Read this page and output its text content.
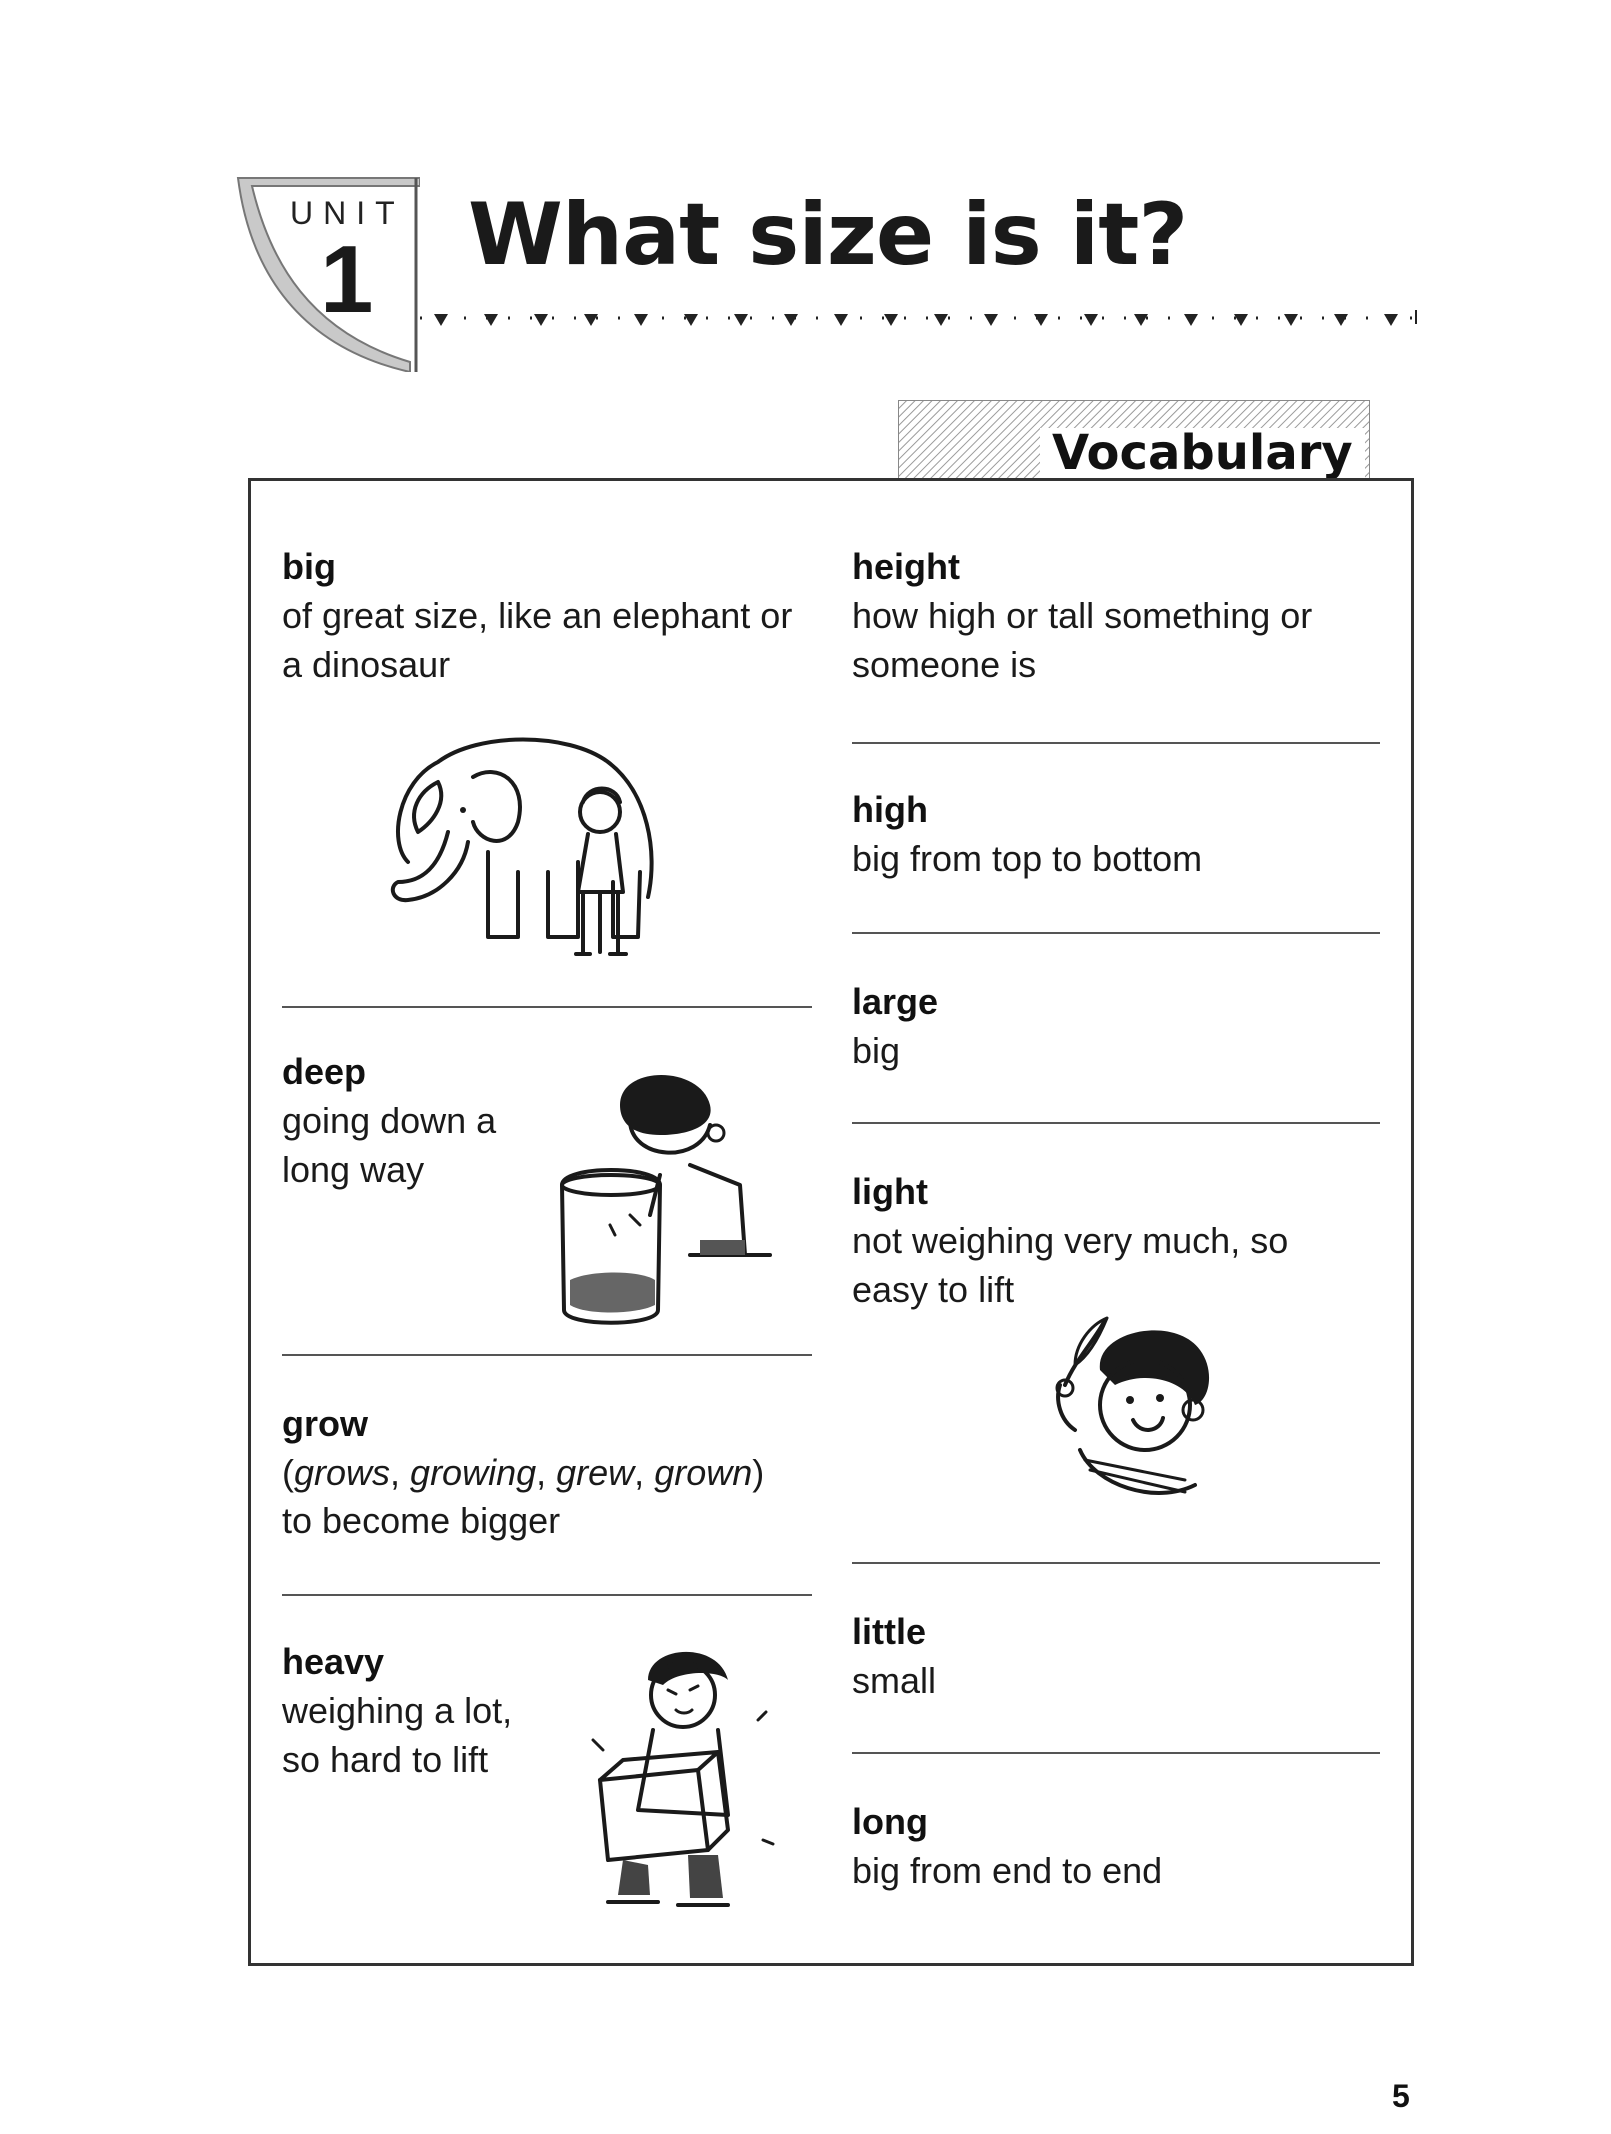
UNIT
1 What size is it?
Vocabulary
big
of great size, like an elephant or a dinosaur
deep
going down a long way
grow
(grows, growing, grew, grown)
to become bigger
heavy
weighing a lot, so hard to lift
height
how high or tall something or someone is
high
big from top to bottom
large
big
light
not weighing very much, so easy to lift
little
small
long
big from end to end
5
